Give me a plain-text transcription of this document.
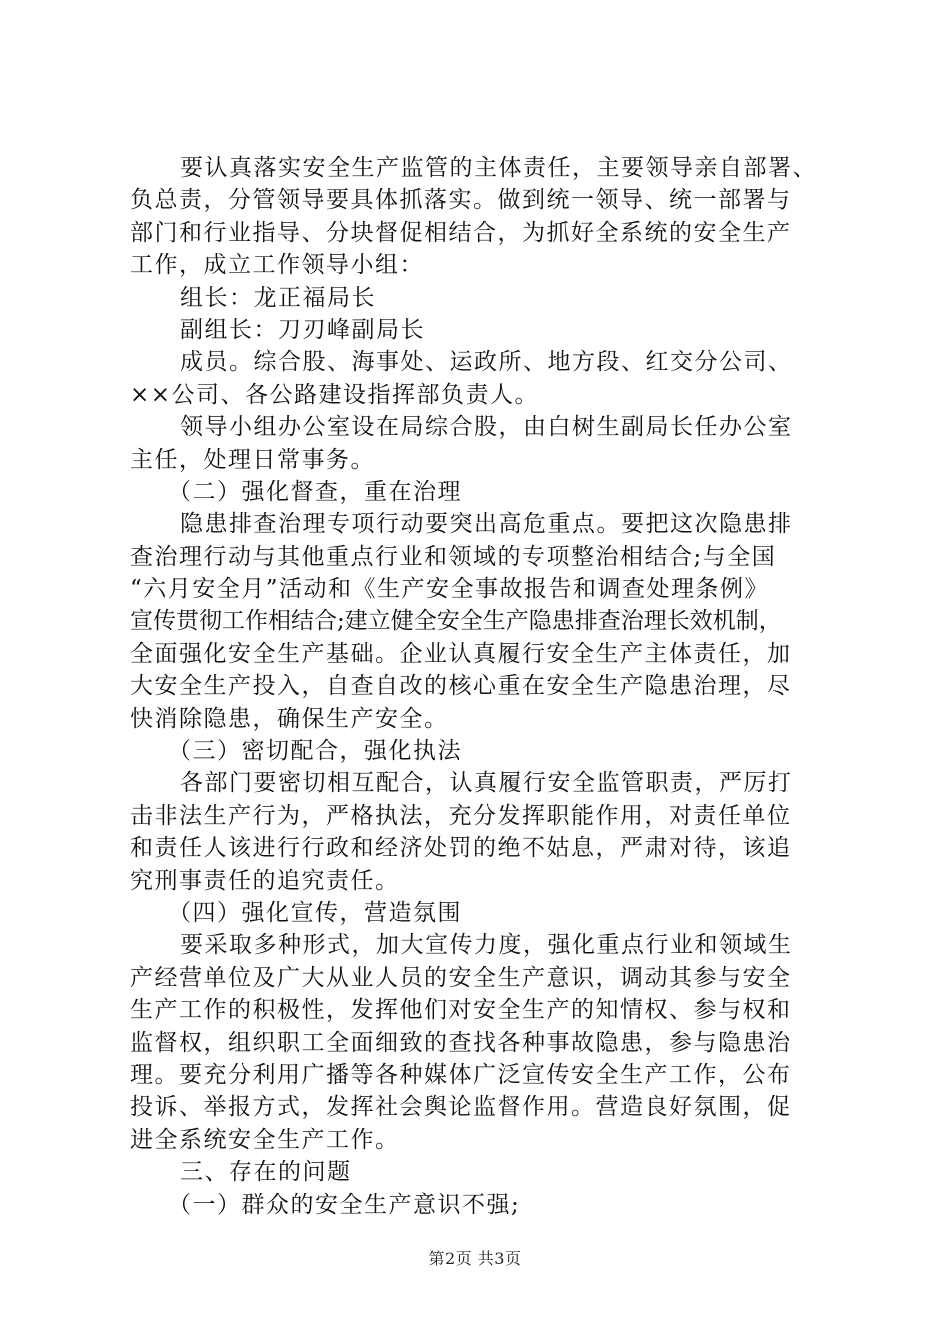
要认真落实安全生产监管的主体责任，主要领导亲自部署、
负总责，分管领导要具体抓落实。做到统一领导、统一部署与
部门和行业指导、分块督促相结合，为抓好全系统的安全生产
工作，成立工作领导小组：
组长：龙正福局长
副组长：刀刃峰副局长
成员。综合股、海事处、运政所、地方段、红交分公司、
××公司、各公路建设指挥部负责人。
领导小组办公室设在局综合股，由白树生副局长任办公室
主任，处理日常事务。
（二）强化督查，重在治理
隐患排查治理专项行动要突出高危重点。要把这次隐患排
查治理行动与其他重点行业和领域的专项整治相结合;与全国
“六月安全月”活动和《生产安全事故报告和调查处理条例》
宣传贯彻工作相结合;建立健全安全生产隐患排查治理长效机制，
全面强化安全生产基础。企业认真履行安全生产主体责任，加
大安全生产投入，自查自改的核心重在安全生产隐患治理，尽
快消除隐患，确保生产安全。
（三）密切配合，强化执法
各部门要密切相互配合，认真履行安全监管职责，严厉打
击非法生产行为，严格执法，充分发挥职能作用，对责任单位
和责任人该进行行政和经济处罚的绝不姑息，严肃对待，该追
究刑事责任的追究责任。
（四）强化宣传，营造氛围
要采取多种形式，加大宣传力度，强化重点行业和领域生
产经营单位及广大从业人员的安全生产意识，调动其参与安全
生产工作的积极性，发挥他们对安全生产的知情权、参与权和
监督权，组织职工全面细致的查找各种事故隐患，参与隐患治
理。要充分利用广播等各种媒体广泛宣传安全生产工作，公布
投诉、举报方式，发挥社会舆论监督作用。营造良好氛围，促
进全系统安全生产工作。
三、存在的问题
（一）群众的安全生产意识不强;
第2页 共3页
